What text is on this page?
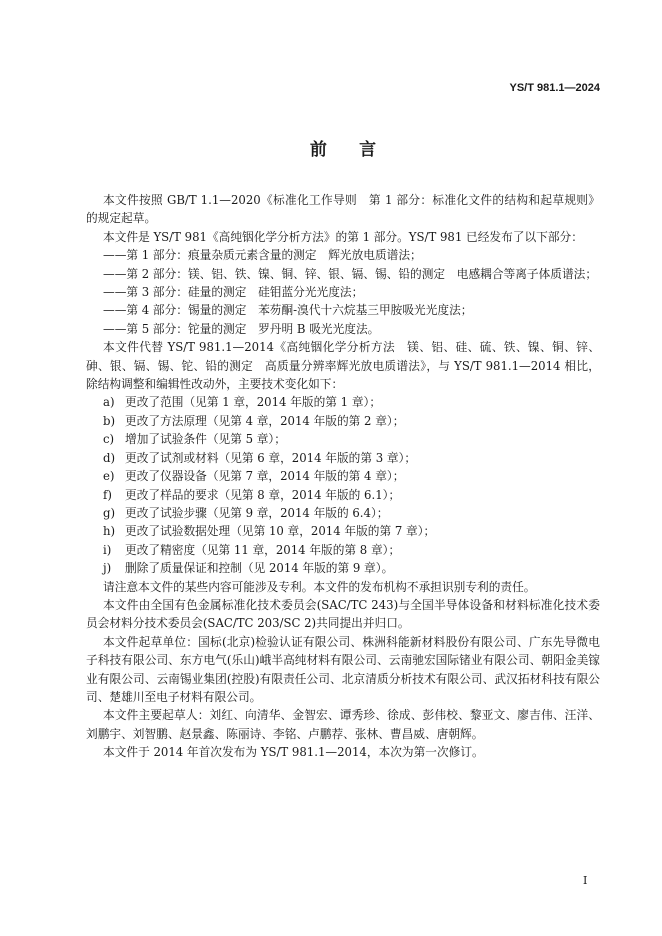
YS/T 981.1—2024
前　言

本文件按照 GB/T 1.1—2020《标准化工作导则　第 1 部分：标准化文件的结构和起草规则》的规定起草。

本文件是 YS/T 981《高纯铟化学分析方法》的第 1 部分。YS/T 981 已经发布了以下部分：

——第 1 部分：痕量杂质元素含量的测定　辉光放电质谱法；

——第 2 部分：镁、铝、铁、镍、铜、锌、银、镉、锡、铅的测定　电感耦合等离子体质谱法；

——第 3 部分：硅量的测定　硅钼蓝分光光度法；

——第 4 部分：锡量的测定　苯芴酮-溴代十六烷基三甲胺吸光光度法；

——第 5 部分：铊量的测定　罗丹明 B 吸光光度法。

本文件代替 YS/T 981.1—2014《高纯铟化学分析方法　镁、铝、硅、硫、铁、镍、铜、锌、砷、银、镉、锡、铊、铅的测定　高质量分辨率辉光放电质谱法》，与 YS/T 981.1—2014 相比，除结构调整和编辑性改动外，主要技术变化如下：

a) 更改了范围（见第 1 章，2014 年版的第 1 章）；
b) 更改了方法原理（见第 4 章，2014 年版的第 2 章）；
c) 增加了试验条件（见第 5 章）；
d) 更改了试剂或材料（见第 6 章，2014 年版的第 3 章）；
e) 更改了仪器设备（见第 7 章，2014 年版的第 4 章）；
f)	更改了样品的要求（见第 8 章，2014 年版的 6.1）；
g) 更改了试验步骤（见第 9 章，2014 年版的 6.4）；
h) 更改了试验数据处理（见第 10 章，2014 年版的第 7 章）；
i)	更改了精密度（见第 11 章，2014 年版的第 8 章）；
j)	删除了质量保证和控制（见 2014 年版的第 9 章）。

请注意本文件的某些内容可能涉及专利。本文件的发布机构不承担识别专利的责任。

本文件由全国有色金属标准化技术委员会(SAC/TC 243)与全国半导体设备和材料标准化技术委员会材料分技术委员会(SAC/TC 203/SC 2)共同提出并归口。

本文件起草单位：国标(北京)检验认证有限公司、株洲科能新材料股份有限公司、广东先导微电子科技有限公司、东方电气(乐山)峨半高纯材料有限公司、云南驰宏国际锗业有限公司、朝阳金美镓业有限公司、云南锡业集团(控股)有限责任公司、北京清质分析技术有限公司、武汉拓材科技有限公司、楚雄川至电子材料有限公司。

本文件主要起草人：刘红、向清华、金智宏、谭秀珍、徐成、彭伟校、黎亚文、廖吉伟、汪洋、刘鹏宇、刘智鹏、赵景鑫、陈丽诗、李铭、卢鹏荐、张林、曹昌威、唐朝辉。

本文件于 2014 年首次发布为 YS/T 981.1—2014，本次为第一次修订。

I
